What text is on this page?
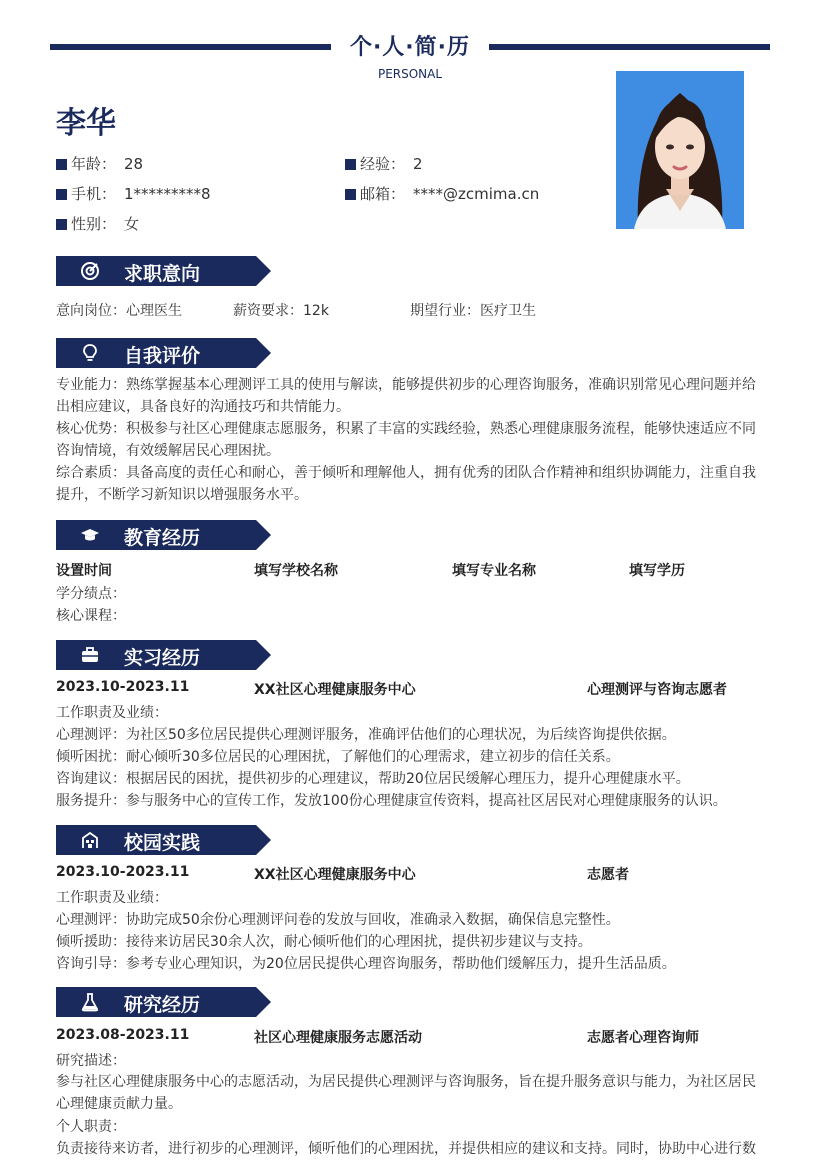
个·人·简·历
PERSONAL
李华
年龄： 28	经验： 2
手机： 1*********8	邮箱： ****@zcmima.cn
性别： 女
求职意向
意向岗位：心理医生	薪资要求：12k	期望行业：医疗卫生
自我评价
专业能力：熟练掌握基本心理测评工具的使用与解读，能够提供初步的心理咨询服务，准确识别常见心理问题并给出相应建议，具备良好的沟通技巧和共情能力。
核心优势：积极参与社区心理健康志愿服务，积累了丰富的实践经验，熟悉心理健康服务流程，能够快速适应不同咨询情境，有效缓解居民心理困扰。
综合素质：具备高度的责任心和耐心，善于倾听和理解他人，拥有优秀的团队合作精神和组织协调能力，注重自我提升，不断学习新知识以增强服务水平。
教育经历
设置时间	填写学校名称	填写专业名称	填写学历
学分绩点：
核心课程：
实习经历
2023.10-2023.11	XX社区心理健康服务中心	心理测评与咨询志愿者
工作职责及业绩：
心理测评：为社区50多位居民提供心理测评服务，准确评估他们的心理状况，为后续咨询提供依据。
倾听困扰：耐心倾听30多位居民的心理困扰，了解他们的心理需求，建立初步的信任关系。
咨询建议：根据居民的困扰，提供初步的心理建议，帮助20位居民缓解心理压力，提升心理健康水平。
服务提升：参与服务中心的宣传工作，发放100份心理健康宣传资料，提高社区居民对心理健康服务的认识。
校园实践
2023.10-2023.11	XX社区心理健康服务中心	志愿者
工作职责及业绩：
心理测评：协助完成50余份心理测评问卷的发放与回收，准确录入数据，确保信息完整性。
倾听援助：接待来访居民30余人次，耐心倾听他们的心理困扰，提供初步建议与支持。
咨询引导：参考专业心理知识，为20位居民提供心理咨询服务，帮助他们缓解压力，提升生活品质。
研究经历
2023.08-2023.11	社区心理健康服务志愿活动	志愿者心理咨询师
研究描述：
参与社区心理健康服务中心的志愿活动，为居民提供心理测评与咨询服务，旨在提升服务意识与能力，为社区居民心理健康贡献力量。
个人职责：
负责接待来访者，进行初步的心理测评，倾听他们的心理困扰，并提供相应的建议和支持。同时，协助中心进行数
